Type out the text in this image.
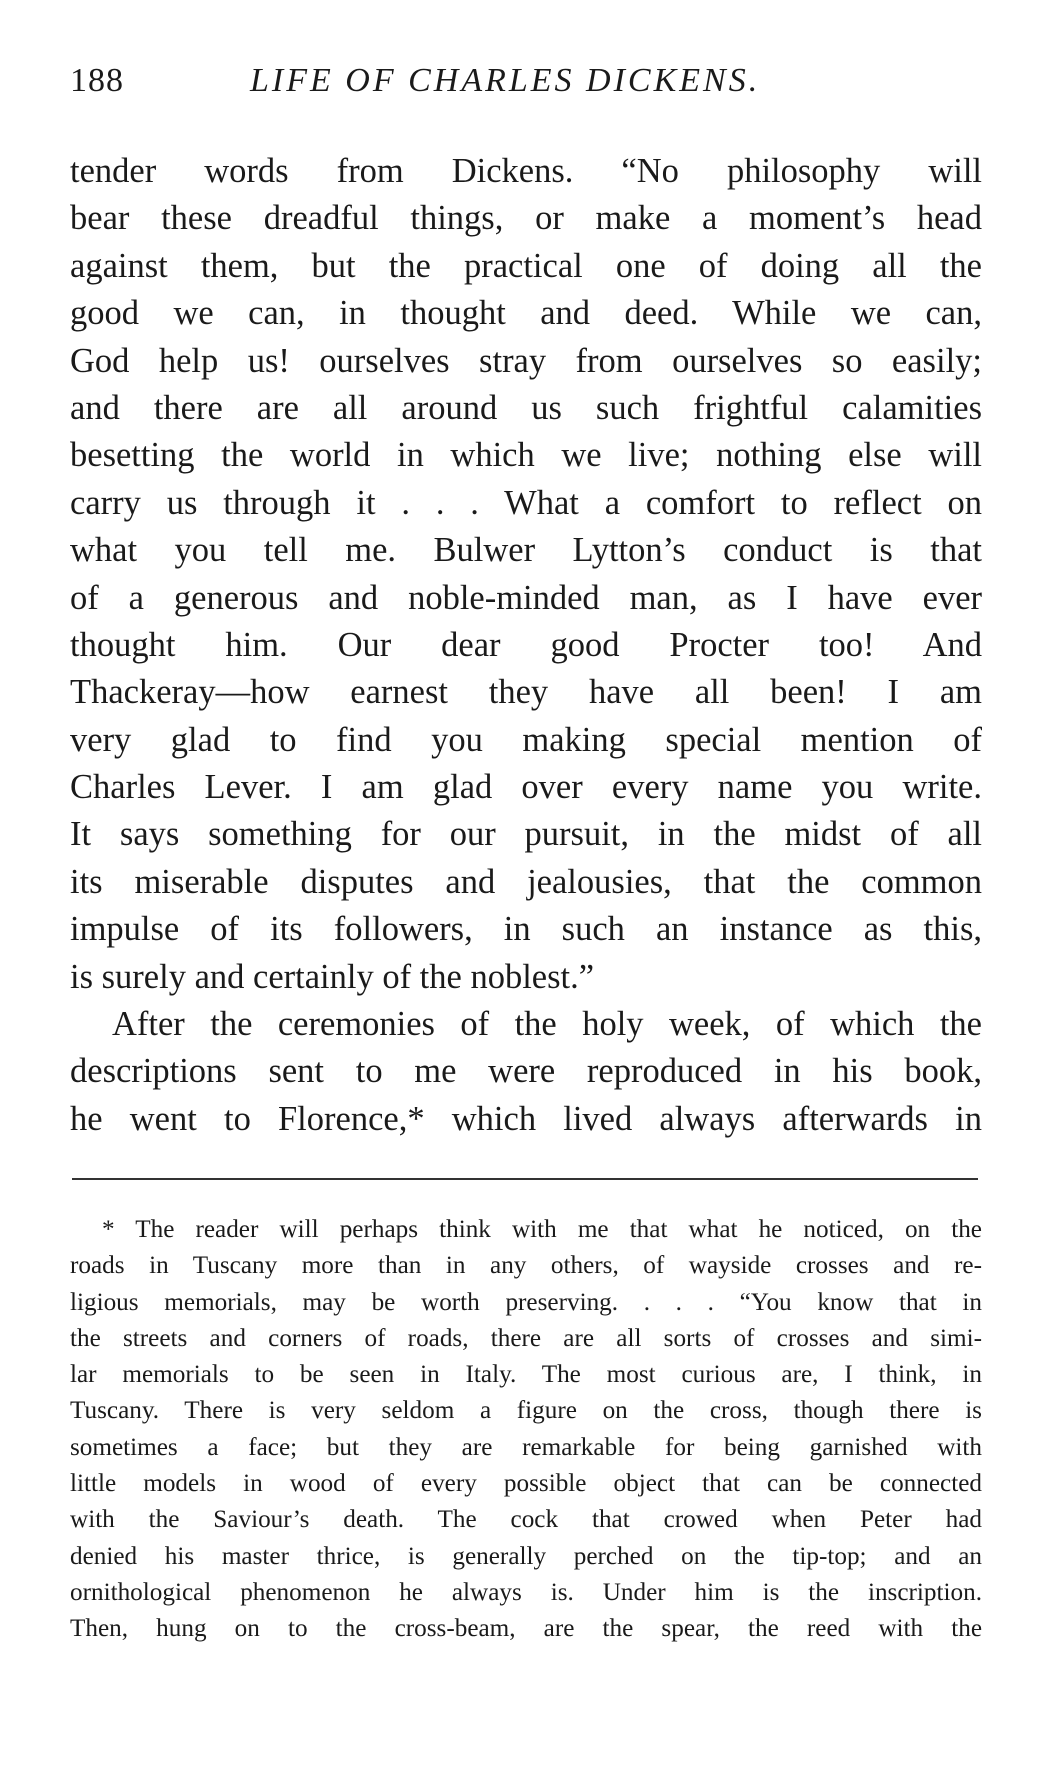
188	LIFE OF CHARLES DICKENS.
tender words from Dickens. “No philosophy will
bear these dreadful things, or make a moment’s head
against them, but the practical one of doing all the
good we can, in thought and deed. While we can,
God help us! ourselves stray from ourselves so easily;
and there are all around us such frightful calamities
besetting the world in which we live; nothing else will
carry us through it . . . What a comfort to reflect on
what you tell me. Bulwer Lytton’s conduct is that
of a generous and noble-minded man, as I have ever
thought him. Our dear good Procter too! And
Thackeray—how earnest they have all been! I am
very glad to find you making special mention of
Charles Lever. I am glad over every name you write.
It says something for our pursuit, in the midst of all
its miserable disputes and jealousies, that the common
impulse of its followers, in such an instance as this,
is surely and certainly of the noblest.”
After the ceremonies of the holy week, of which the
descriptions sent to me were reproduced in his book,
he went to Florence,* which lived always afterwards in
* The reader will perhaps think with me that what he noticed, on the
roads in Tuscany more than in any others, of wayside crosses and re-
ligious memorials, may be worth preserving. . . . “You know that in
the streets and corners of roads, there are all sorts of crosses and simi-
lar memorials to be seen in Italy. The most curious are, I think, in
Tuscany. There is very seldom a figure on the cross, though there is
sometimes a face; but they are remarkable for being garnished with
little models in wood of every possible object that can be connected
with the Saviour’s death. The cock that crowed when Peter had
denied his master thrice, is generally perched on the tip-top; and an
ornithological phenomenon he always is. Under him is the inscription.
Then, hung on to the cross-beam, are the spear, the reed with the
